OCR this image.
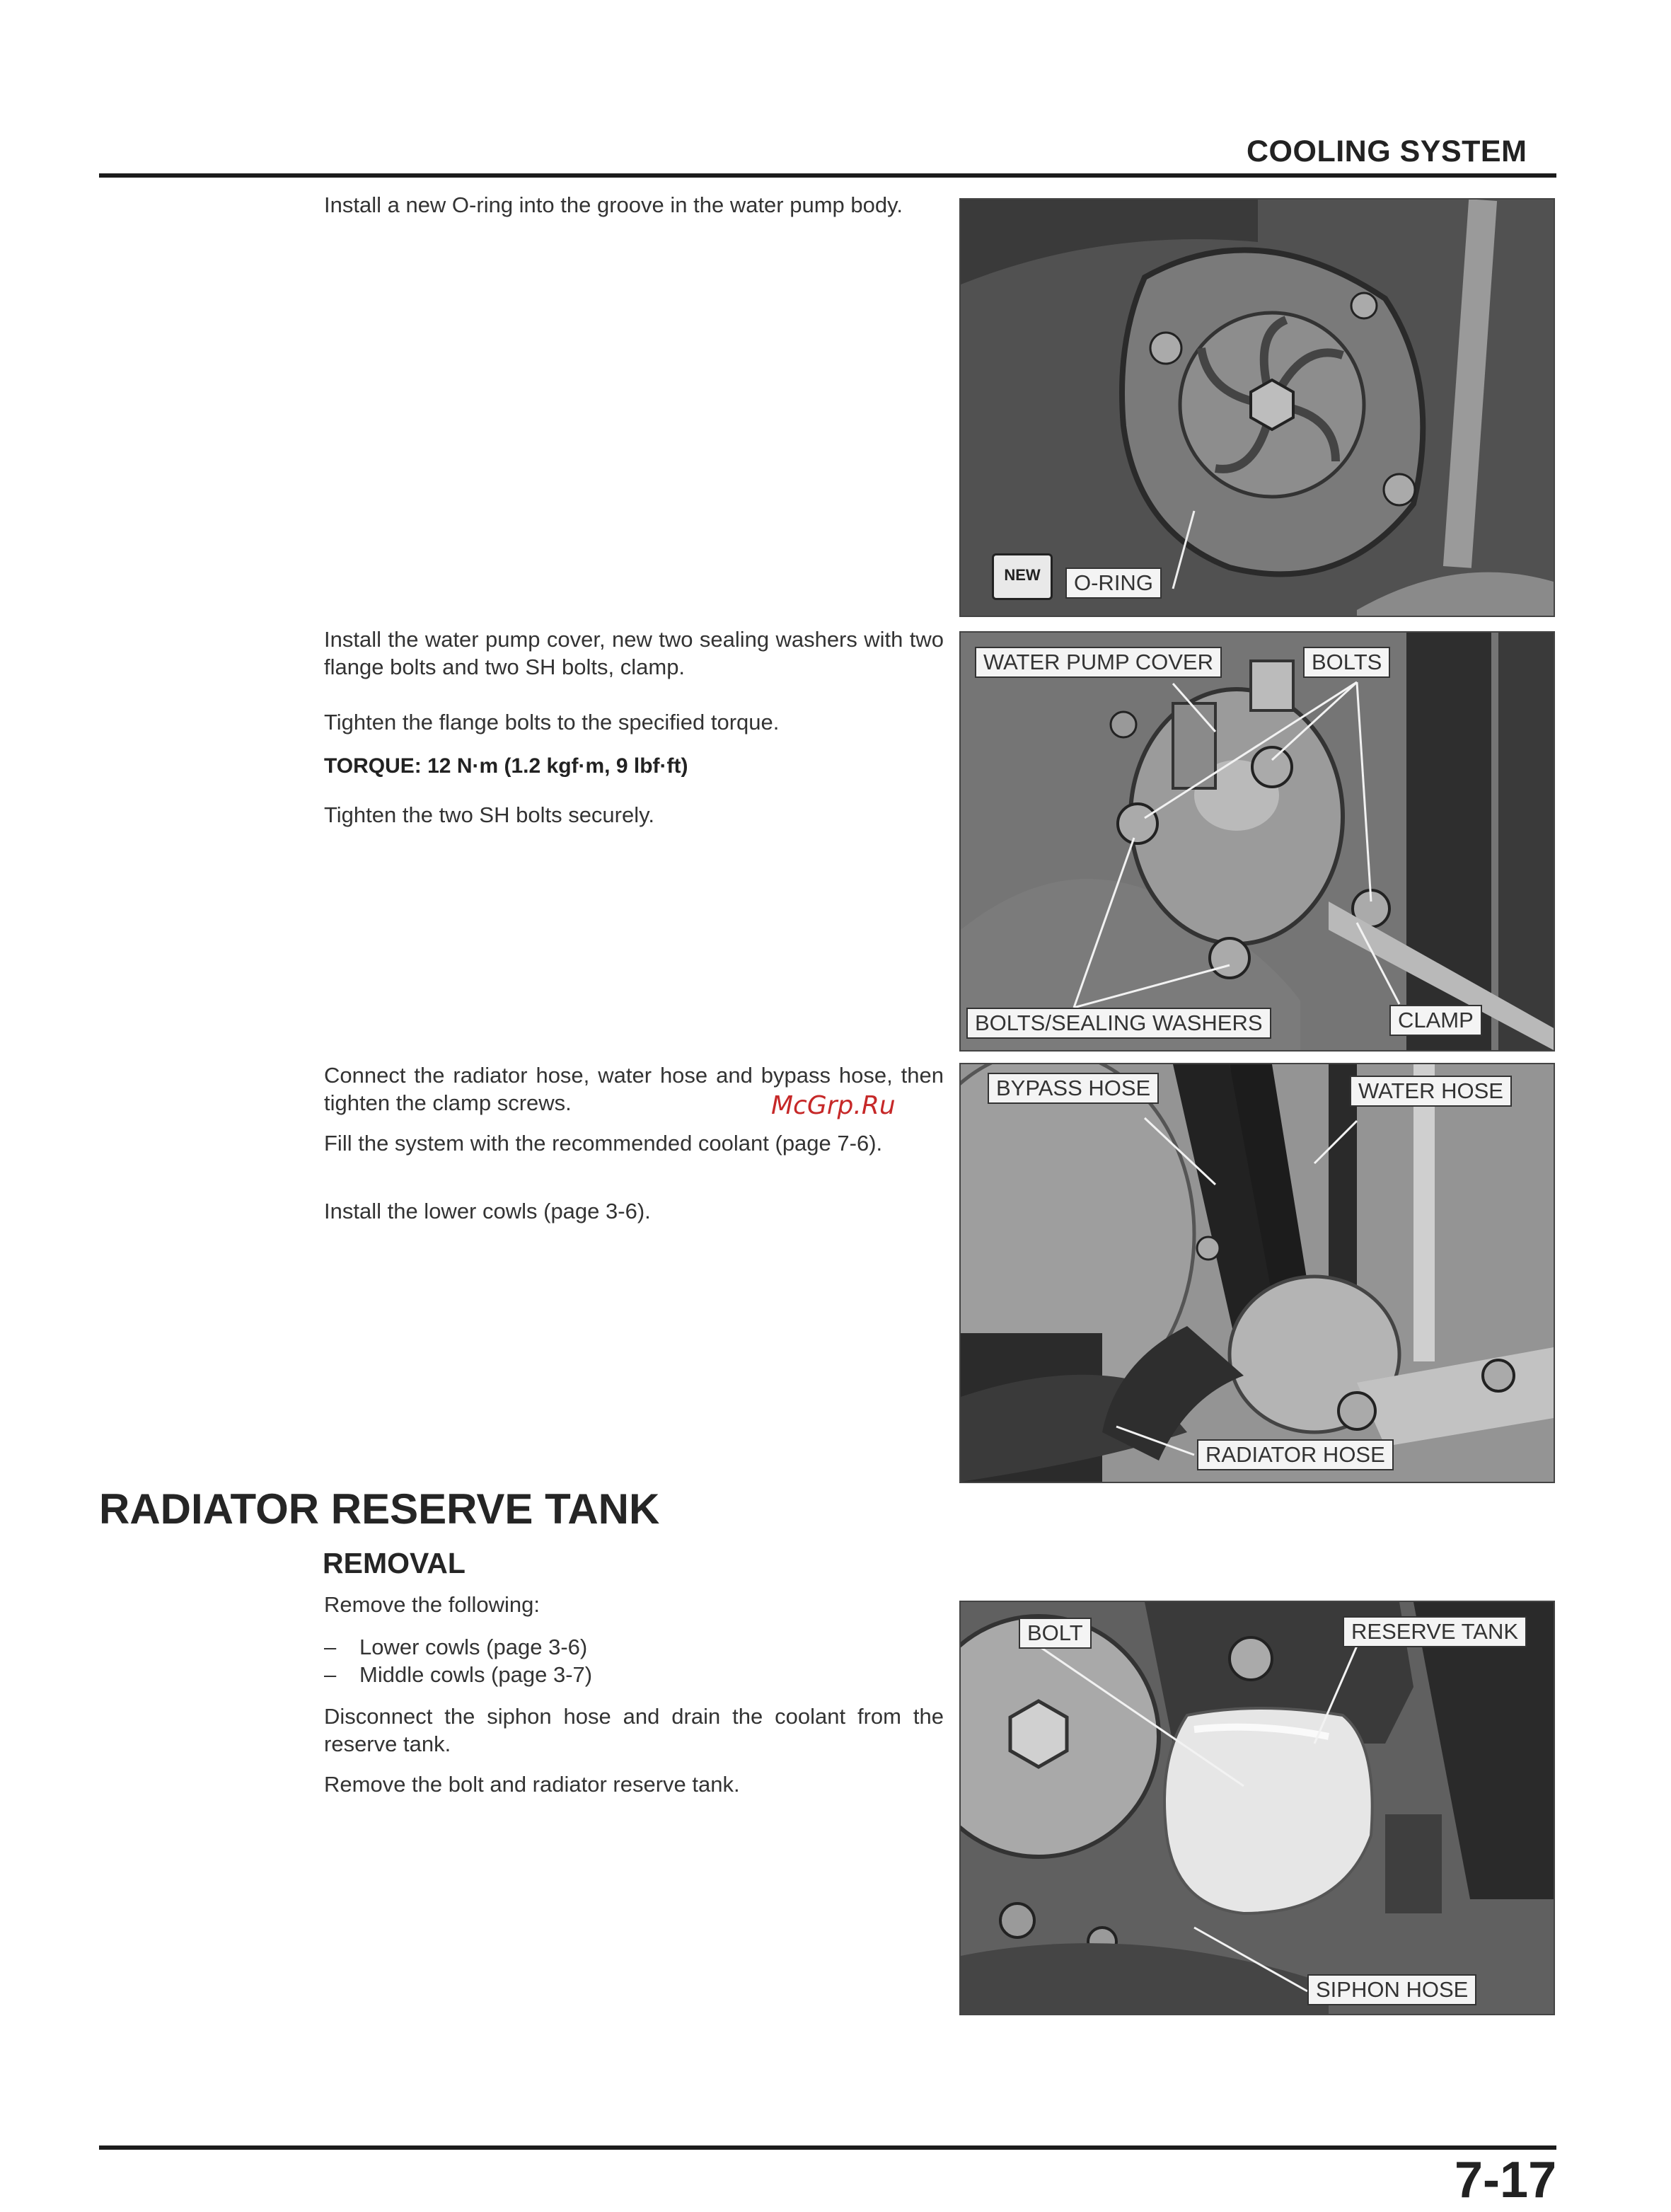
COOLING SYSTEM
Install a new O-ring into the groove in the water pump body.
NEW	O-RING
Install the water pump cover, new two sealing washers with two flange bolts and two SH bolts, clamp.
Tighten the flange bolts to the specified torque.
TORQUE: 12 N·m (1.2 kgf·m, 9 lbf·ft)
Tighten the two SH bolts securely.
WATER PUMP COVER	BOLTS
BOLTS/SEALING WASHERS	CLAMP
Connect the radiator hose, water hose and bypass hose, then tighten the clamp screws.	McGrp.Ru
Fill the system with the recommended coolant (page 7-6).
Install the lower cowls (page 3-6).
BYPASS HOSE	WATER HOSE
RADIATOR HOSE
RADIATOR RESERVE TANK
REMOVAL
Remove the following:
– Lower cowls (page 3-6)
– Middle cowls (page 3-7)
Disconnect the siphon hose and drain the coolant from the reserve tank.
Remove the bolt and radiator reserve tank.
BOLT	RESERVE TANK
SIPHON HOSE
7-17
